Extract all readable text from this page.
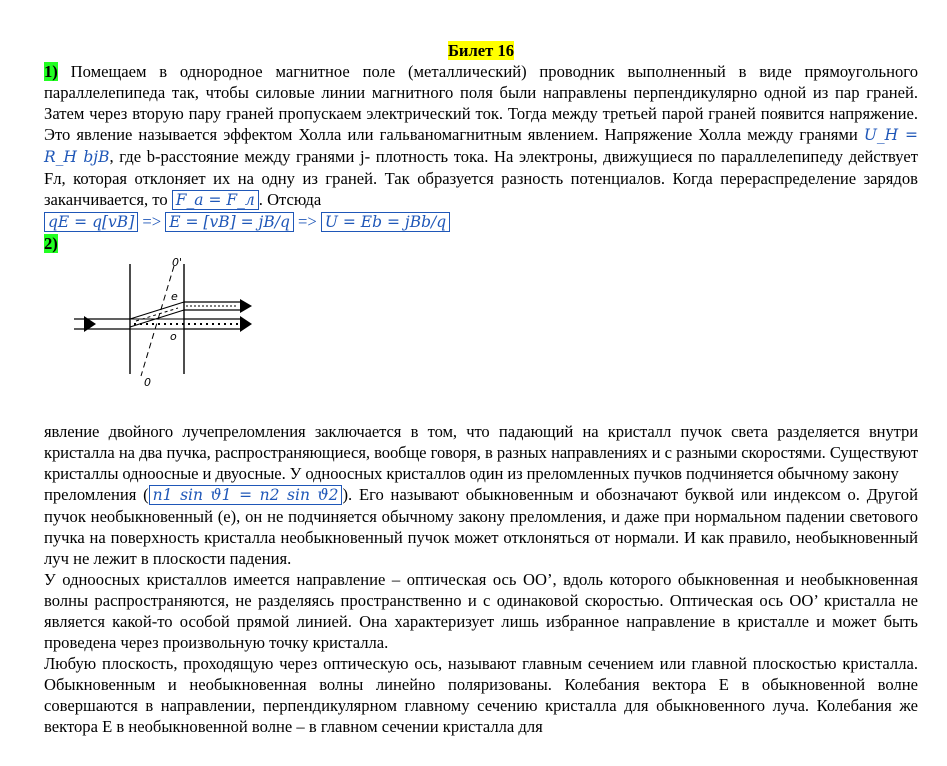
Билет 16

1) Помещаем в однородное магнитное поле (металлический) проводник выполненный в виде прямоугольного параллелепипеда так, чтобы силовые линии магнитного поля были направлены перпендикулярно одной из пар граней. Затем через вторую пару граней пропускаем электрический ток. Тогда между третьей парой граней появится напряжение. Это явление называется эффектом Холла или гальваномагнитным явлением. Напряжение Холла между гранями U_H = R_H bjB, где b-расстояние между гранями j- плотность тока. На электроны, движущиеся по параллелепипеду действует Fл, которая отклоняет их на одну из граней. Так образуется разность потенциалов. Когда перераспределение зарядов заканчивается, то F_a = F_л . Отсюда

qE = q[vB] => E = [vB] = jB/q => U = Eb = jBb/q

2)
0'
e
o
0

явление двойного лучепреломления заключается в том, что падающий на кристалл пучок света разделяется внутри кристалла на два пучка, распространяющиеся, вообще говоря, в разных направлениях и с разными скоростями. Существуют кристаллы одноосные и двуосные. У одноосных кристаллов один из преломленных пучков подчиняется обычному закону

преломления ( n1 sin ϑ1 = n2 sin ϑ2 ). Его называют обыкновенным и обозначают буквой или индексом o. Другой пучок необыкновенный (е), он не подчиняется обычному закону преломления, и даже при нормальном падении светового пучка на поверхность кристалла необыкновенный пучок может отклоняться от нормали. И как правило, необыкновенный луч не лежит в плоскости падения.

У одноосных кристаллов имеется направление – оптическая ось ОО’, вдоль которого обыкновенная и необыкновенная волны распространяются, не разделяясь пространственно и с одинаковой скоростью. Оптическая ось ОО’ кристалла не является какой-то особой прямой линией. Она характеризует лишь избранное направление в кристалле и может быть проведена через произвольную точку кристалла.

Любую плоскость, проходящую через оптическую ось, называют главным сечением или главной плоскостью кристалла. Обыкновенным и необыкновенная волны линейно поляризованы. Колебания вектора Е в обыкновенной волне совершаются в направлении, перпендикулярном главному сечению кристалла для обыкновенного луча. Колебания же вектора Е в необыкновенной волне – в главном сечении кристалла для
